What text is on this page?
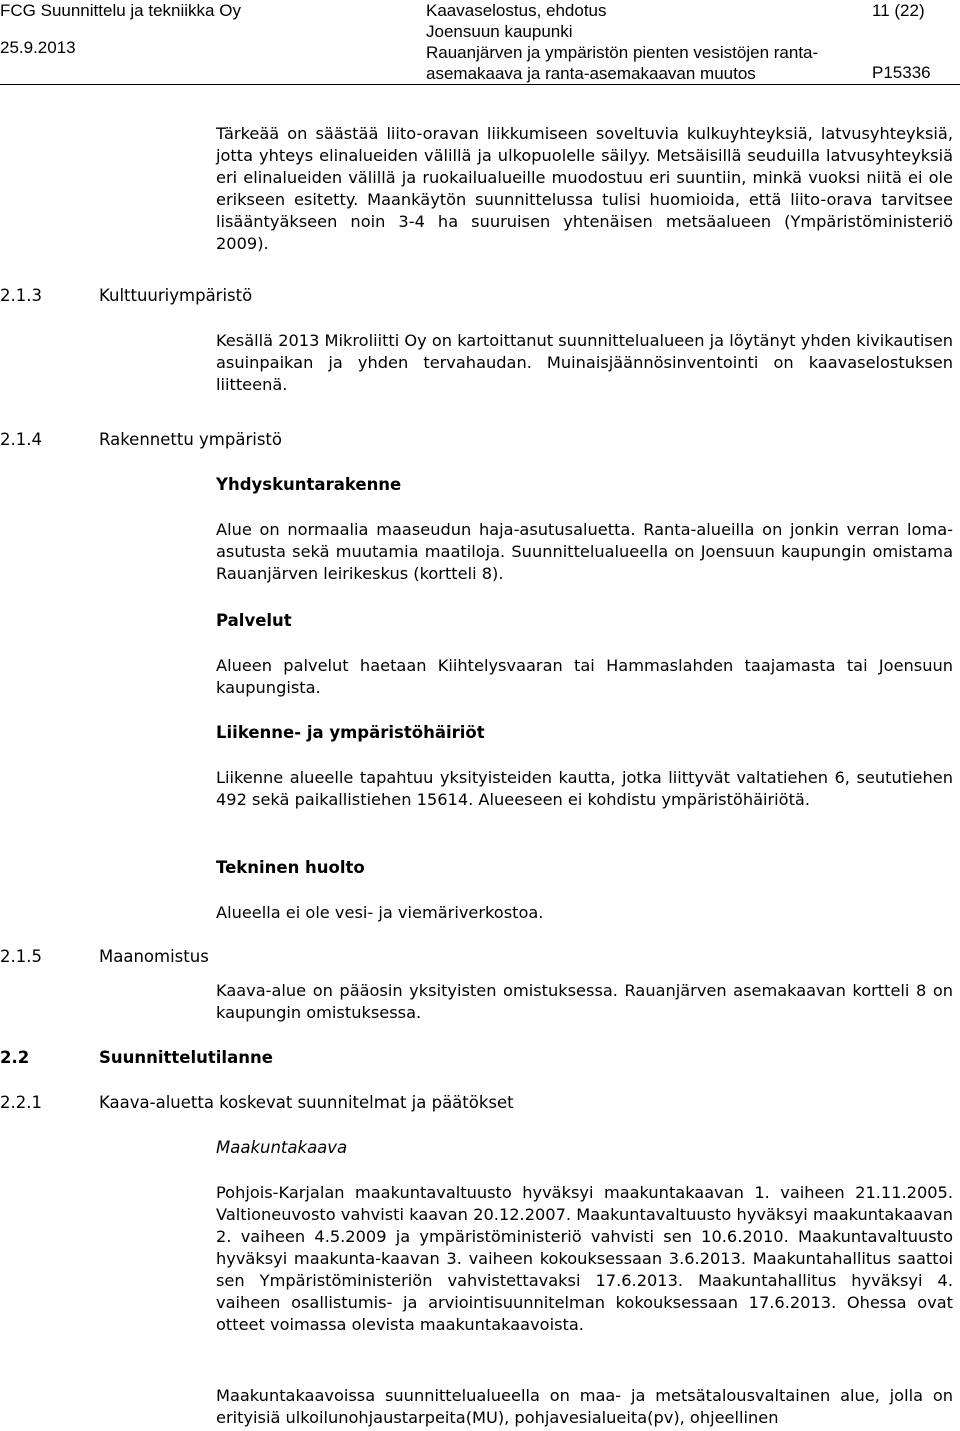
FCG Suunnittelu ja tekniikka Oy
25.9.2013
Kaavaselostus, ehdotus
Joensuun kaupunki
Rauanjärven ja ympäristön pienten vesistöjen ranta-
asemakaava ja ranta-asemakaavan muutos
11 (22)
P15336

Tärkeää on säästää liito-oravan liikkumiseen soveltuvia kulkuyhteyksiä, latvusyhteyksiä, jotta yhteys elinalueiden välillä ja ulkopuolelle säilyy. Metsäisillä seuduilla latvusyhteyksiä eri elinalueiden välillä ja ruokailualueille muodostuu eri suuntiin, minkä vuoksi niitä ei ole erikseen esitetty. Maankäytön suunnittelussa tulisi huomioida, että liito-orava tarvitsee lisääntyäkseen noin 3-4 ha suuruisen yhtenäisen metsäalueen (Ympäristöministeriö 2009).

2.1.3	Kulttuuriympäristö

Kesällä 2013 Mikroliitti Oy on kartoittanut suunnittelualueen ja löytänyt yhden kivikautisen asuinpaikan ja yhden tervahaudan. Muinaisjäännösinventointi on kaavaselostuksen liitteenä.

2.1.4	Rakennettu ympäristö
Yhdyskuntarakenne

Alue on normaalia maaseudun haja-asutusaluetta. Ranta-alueilla on jonkin verran loma-asutusta sekä muutamia maatiloja. Suunnittelualueella on Joensuun kaupungin omistama Rauanjärven leirikeskus (kortteli 8).

Palvelut

Alueen palvelut haetaan Kiihtelysvaaran tai Hammaslahden taajamasta tai Joensuun kaupungista.

Liikenne- ja ympäristöhäiriöt

Liikenne alueelle tapahtuu yksityisteiden kautta, jotka liittyvät valtatiehen 6, seututiehen 492 sekä paikallistiehen 15614. Alueeseen ei kohdistu ympäristöhäiriötä.

Tekninen huolto

Alueella ei ole vesi- ja viemäriverkostoa.

2.1.5	Maanomistus

Kaava-alue on pääosin yksityisten omistuksessa. Rauanjärven asemakaavan kortteli 8 on kaupungin omistuksessa.

2.2	Suunnittelutilanne
2.2.1	Kaava-aluetta koskevat suunnitelmat ja päätökset
Maakuntakaava

Pohjois-Karjalan maakuntavaltuusto hyväksyi maakuntakaavan 1. vaiheen 21.11.2005. Valtioneuvosto vahvisti kaavan 20.12.2007. Maakuntavaltuusto hyväksyi maakuntakaavan 2. vaiheen 4.5.2009 ja ympäristöministeriö vahvisti sen 10.6.2010. Maakuntavaltuusto hyväksyi maakunta-kaavan 3. vaiheen kokouksessaan 3.6.2013. Maakuntahallitus saattoi sen Ympäristöministeriön vahvistettavaksi 17.6.2013. Maakuntahallitus hyväksyi 4. vaiheen osallistumis- ja arviointisuunnitelman kokouksessaan 17.6.2013. Ohessa ovat otteet voimassa olevista maakuntakaavoista.

Maakuntakaavoissa suunnittelualueella on maa- ja metsätalousvaltainen alue, jolla on erityisiä ulkoilunohjaustarpeita(MU), pohjavesialueita(pv), ohjeellinen
